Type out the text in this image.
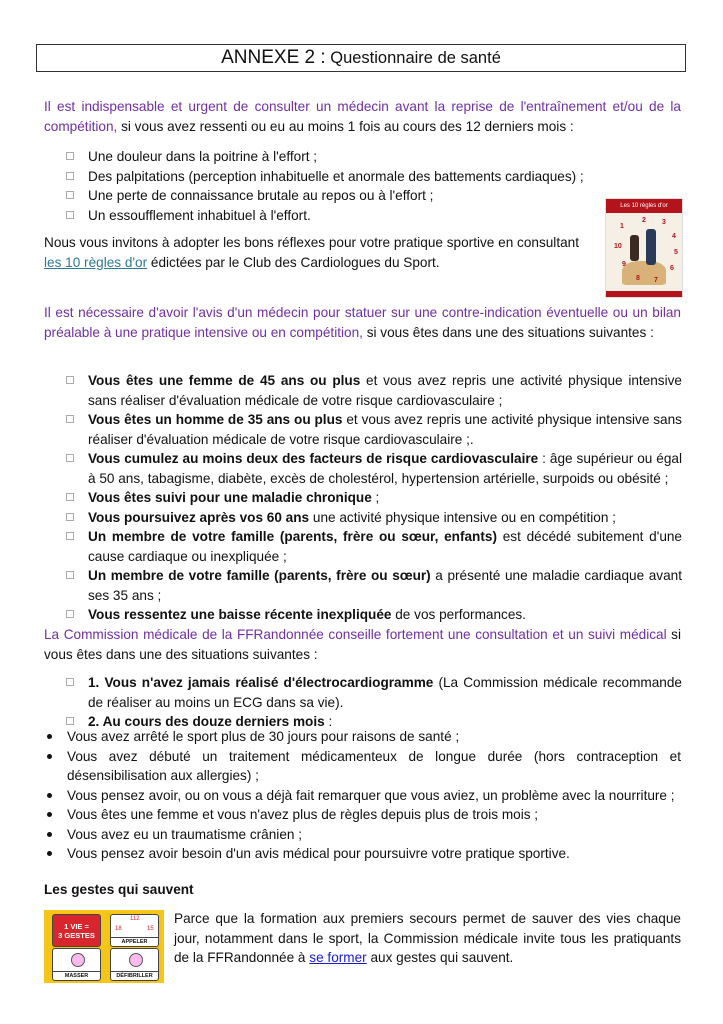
ANNEXE 2 : Questionnaire de santé
Il est indispensable et urgent de consulter un médecin avant la reprise de l'entraînement et/ou de la compétition, si vous avez ressenti ou eu au moins 1 fois au cours des 12 derniers mois :
Une douleur dans la poitrine à l'effort ;
Des palpitations (perception inhabituelle et anormale des battements cardiaques) ;
Une perte de connaissance brutale au repos ou à l'effort ;
Un essoufflement inhabituel à l'effort.
Nous vous invitons à adopter les bons réflexes pour votre pratique sportive en consultant les 10 règles d'or édictées par le Club des Cardiologues du Sport.
Les 10 règles d'or
1
2 3
4
5
6
7
8
9
10
Il est nécessaire d'avoir l'avis d'un médecin pour statuer sur une contre-indication éventuelle ou un bilan préalable à une pratique intensive ou en compétition, si vous êtes dans une des situations suivantes :
Vous êtes une femme de 45 ans ou plus et vous avez repris une activité physique intensive sans réaliser d'évaluation médicale de votre risque cardiovasculaire ;
Vous êtes un homme de 35 ans ou plus et vous avez repris une activité physique intensive sans réaliser d'évaluation médicale de votre risque cardiovasculaire ;.
Vous cumulez au moins deux des facteurs de risque cardiovasculaire : âge supérieur ou égal à 50 ans, tabagisme, diabète, excès de cholestérol, hypertension artérielle, surpoids ou obésité ;
Vous êtes suivi pour une maladie chronique ;
Vous poursuivez après vos 60 ans une activité physique intensive ou en compétition ;
Un membre de votre famille (parents, frère ou sœur, enfants) est décédé subitement d'une cause cardiaque ou inexpliquée ;
Un membre de votre famille (parents, frère ou sœur) a présenté une maladie cardiaque avant ses 35 ans ;
Vous ressentez une baisse récente inexpliquée de vos performances.
La Commission médicale de la FFRandonnée conseille fortement une consultation et un suivi médical si vous êtes dans une des situations suivantes :
1. Vous n'avez jamais réalisé d'électrocardiogramme (La Commission médicale recommande de réaliser au moins un ECG dans sa vie).
2. Au cours des douze derniers mois :
Vous avez arrêté le sport plus de 30 jours pour raisons de santé ;
Vous avez débuté un traitement médicamenteux de longue durée (hors contraception et désensibilisation aux allergies) ;
Vous pensez avoir, ou on vous a déjà fait remarquer que vous aviez, un problème avec la nourriture ;
Vous êtes une femme et vous n'avez plus de règles depuis plus de trois mois ;
Vous avez eu un traumatisme crânien ;
Vous pensez avoir besoin d'un avis médical pour poursuivre votre pratique sportive.
Les gestes qui sauvent
1 VIE =
3 GESTES
112
18	15
APPELER
MASSER	DÉFIBRILLER
Parce que la formation aux premiers secours permet de sauver des vies chaque jour, notamment dans le sport, la Commission médicale invite tous les pratiquants de la FFRandonnée à se former aux gestes qui sauvent.
